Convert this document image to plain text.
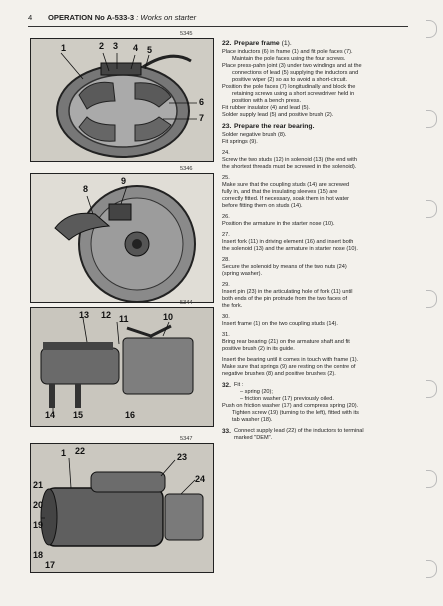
4 OPERATION No A-533-3 : Works on starter
5345
1	2 3 4 5
6
7
5346
8
9
5344
13 12 11	10
14 15	16
5347
1 22
23
24
21
20
19
18
17
22. Prepare frame (1).
Place inductors (6) in frame (1) and fit pole faces (7).
Maintain the pole faces using the four screws.
Place press-pahn joint (3) under two windings and at the
connections of lead (5) supplying the inductors and
positive wiper (2) so as to avoid a short-circuit.
Position the pole faces (7) longitudinally and block the
retaining screws using a short screwdriver held in
position with a bench press.
Fit rubber insulator (4) and lead (5).
Solder supply lead (5) and positive brush (2).
23. Prepare the rear bearing.
Solder negative brush (8).
Fit springs (9).
24.
Screw the two studs (12) in solenoid (13) (the end with
the shortest threads must be screwed in the solenoid).
25.
Make sure that the coupling studs (14) are screwed
fully in, and that the insulating sleeves (15) are
correctly fitted. If necessary, soak them in hot water
before fitting them on studs (14).
26.
Position the armature in the starter nose (10).
27.
Insert fork (11) in driving element (16) and insert both
the solenoid (13) and the armature in starter nose (10).
28.
Secure the solenoid by means of the two nuts (24)
(spring washer).
29.
Insert pin (23) in the articulating hole of fork (11) until
both ends of the pin protrude from the two faces of
the fork.
30.
Insert frame (1) on the two coupling studs (14).
31.
Bring rear bearing (21) on the armature shaft and fit
positive brush (2) in its guide.
Insert the bearing until it comes in touch with frame (1).
Make sure that springs (9) are resting on the centre of
negative brushes (8) and positive brushes (2).
32. Fit :
– spring (20);
– friction washer (17) previously oiled.
Push on friction washer (17) and compress spring (20).
Tighten screw (19) (turning to the left), fitted with its
tab washer (18).
33. Connect supply lead (22) of the inductors to terminal
marked "DEM".
